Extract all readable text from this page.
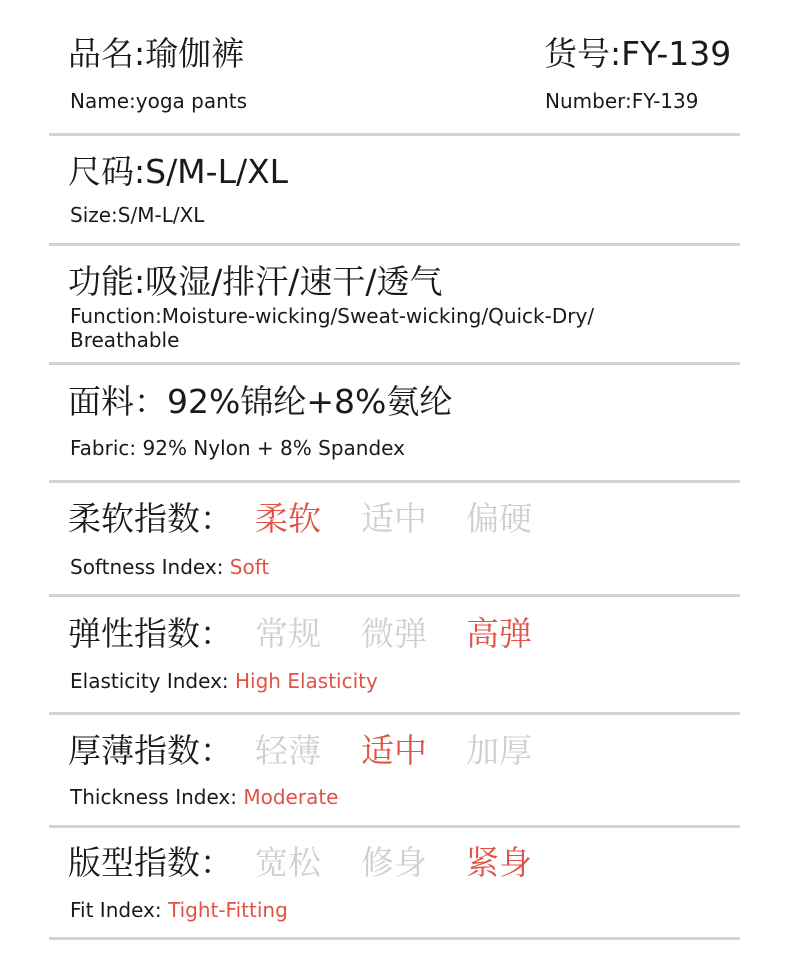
品名:瑜伽裤
Name:yoga pants
货号:FY-139
Number:FY-139
尺码:S/M-L/XL
Size:S/M-L/XL
功能:吸湿/排汗/速干/透气
Function:Moisture-wicking/Sweat-wicking/Quick-Dry/ Breathable
面料：92%锦纶+8%氨纶
Fabric: 92% Nylon + 8% Spandex
柔软指数： 柔软 适中 偏硬
Softness Index: Soft
弹性指数： 常规 微弹 高弹
Elasticity Index: High Elasticity
厚薄指数： 轻薄 适中 加厚
Thickness Index: Moderate
版型指数： 宽松 修身 紧身
Fit Index: Tight-Fitting
